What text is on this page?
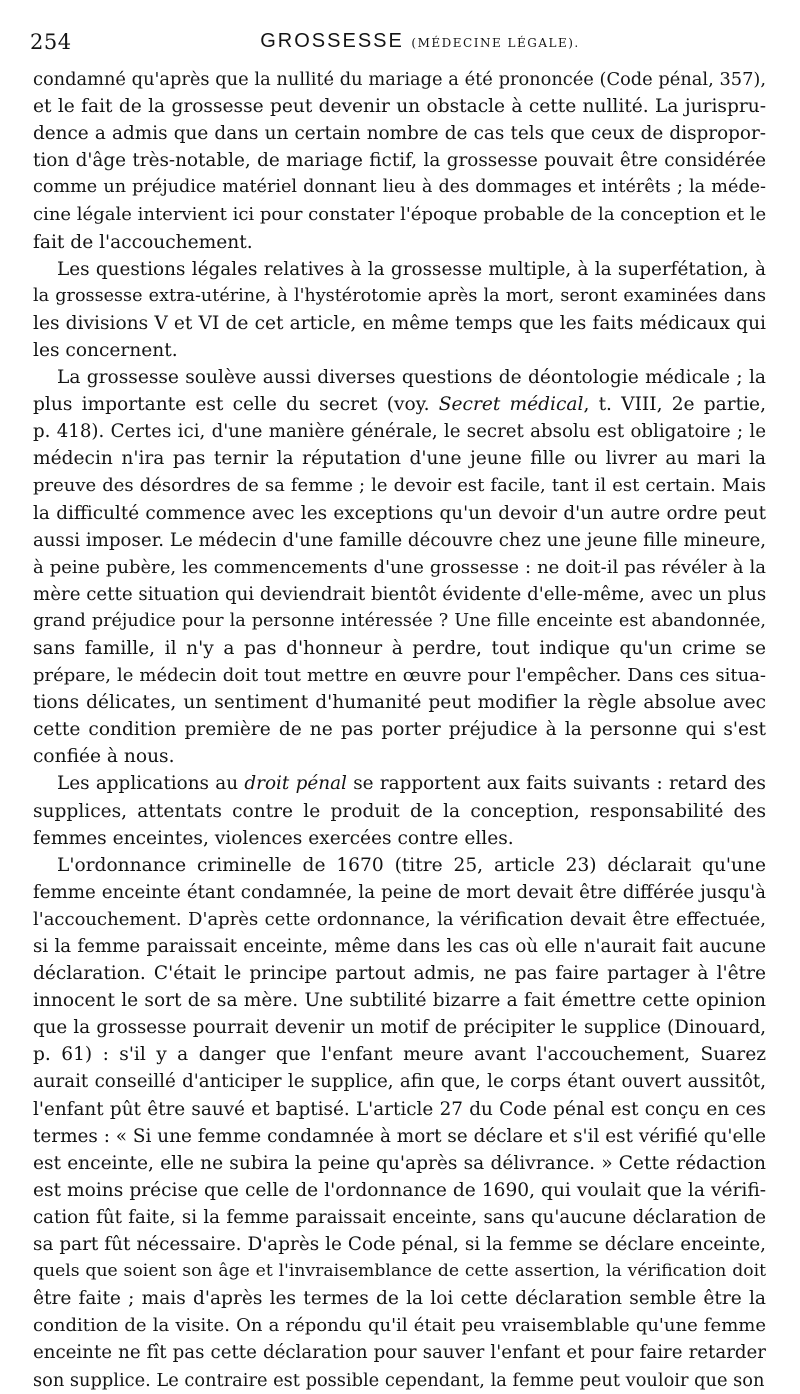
254	GROSSESSE (MÉDECINE LÉGALE).
condamné qu'après que la nullité du mariage a été prononcée (Code pénal, 357),
et le fait de la grossesse peut devenir un obstacle à cette nullité. La jurispru-
dence a admis que dans un certain nombre de cas tels que ceux de dispropor-
tion d'âge très-notable, de mariage fictif, la grossesse pouvait être considérée
comme un préjudice matériel donnant lieu à des dommages et intérêts ; la méde-
cine légale intervient ici pour constater l'époque probable de la conception et le
fait de l'accouchement.
Les questions légales relatives à la grossesse multiple, à la superfétation, à
la grossesse extra-utérine, à l'hystérotomie après la mort, seront examinées dans
les divisions V et VI de cet article, en même temps que les faits médicaux qui
les concernent.
La grossesse soulève aussi diverses questions de déontologie médicale ; la
plus importante est celle du secret (voy. Secret médical, t. VIII, 2e partie,
p. 418). Certes ici, d'une manière générale, le secret absolu est obligatoire ; le
médecin n'ira pas ternir la réputation d'une jeune fille ou livrer au mari la
preuve des désordres de sa femme ; le devoir est facile, tant il est certain. Mais
la difficulté commence avec les exceptions qu'un devoir d'un autre ordre peut
aussi imposer. Le médecin d'une famille découvre chez une jeune fille mineure,
à peine pubère, les commencements d'une grossesse : ne doit-il pas révéler à la
mère cette situation qui deviendrait bientôt évidente d'elle-même, avec un plus
grand préjudice pour la personne intéressée ? Une fille enceinte est abandonnée,
sans famille, il n'y a pas d'honneur à perdre, tout indique qu'un crime se
prépare, le médecin doit tout mettre en œuvre pour l'empêcher. Dans ces situa-
tions délicates, un sentiment d'humanité peut modifier la règle absolue avec
cette condition première de ne pas porter préjudice à la personne qui s'est
confiée à nous.
Les applications au droit pénal se rapportent aux faits suivants : retard des
supplices, attentats contre le produit de la conception, responsabilité des
femmes enceintes, violences exercées contre elles.
L'ordonnance criminelle de 1670 (titre 25, article 23) déclarait qu'une
femme enceinte étant condamnée, la peine de mort devait être différée jusqu'à
l'accouchement. D'après cette ordonnance, la vérification devait être effectuée,
si la femme paraissait enceinte, même dans les cas où elle n'aurait fait aucune
déclaration. C'était le principe partout admis, ne pas faire partager à l'être
innocent le sort de sa mère. Une subtilité bizarre a fait émettre cette opinion
que la grossesse pourrait devenir un motif de précipiter le supplice (Dinouard,
p. 61) : s'il y a danger que l'enfant meure avant l'accouchement, Suarez
aurait conseillé d'anticiper le supplice, afin que, le corps étant ouvert aussitôt,
l'enfant pût être sauvé et baptisé. L'article 27 du Code pénal est conçu en ces
termes : « Si une femme condamnée à mort se déclare et s'il est vérifié qu'elle
est enceinte, elle ne subira la peine qu'après sa délivrance. » Cette rédaction
est moins précise que celle de l'ordonnance de 1690, qui voulait que la vérifi-
cation fût faite, si la femme paraissait enceinte, sans qu'aucune déclaration de
sa part fût nécessaire. D'après le Code pénal, si la femme se déclare enceinte,
quels que soient son âge et l'invraisemblance de cette assertion, la vérification doit
être faite ; mais d'après les termes de la loi cette déclaration semble être la
condition de la visite. On a répondu qu'il était peu vraisemblable qu'une femme
enceinte ne fît pas cette déclaration pour sauver l'enfant et pour faire retarder
son supplice. Le contraire est possible cependant, la femme peut vouloir que son
